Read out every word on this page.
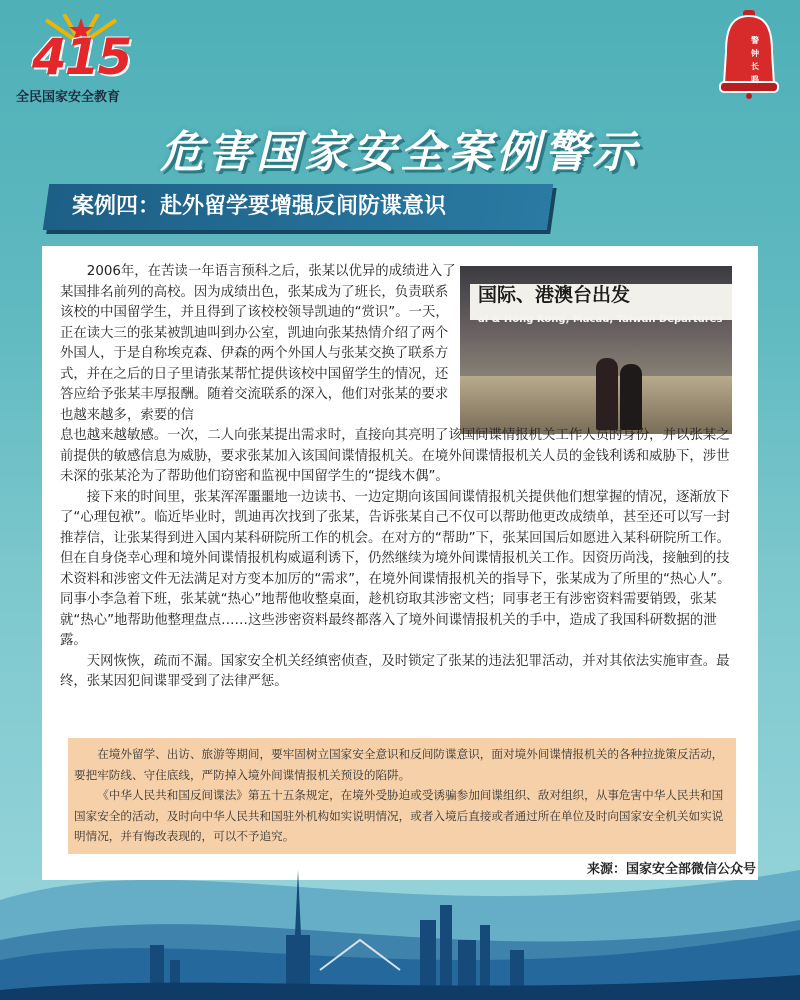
415
全民国家安全教育
警钟长鸣
危害国家安全案例警示
案例四：赴外留学要增强反间防谍意识
国际、港澳台出发
al & Hong Kong, Macau, Taiwan Departures

2006年，在苦读一年语言预科之后，张某以优异的成绩进入了某国排名前列的高校。因为成绩出色，张某成为了班长，负责联系该校的中国留学生，并且得到了该校校领导凯迪的“赏识”。一天，正在读大三的张某被凯迪叫到办公室，凯迪向张某热情介绍了两个外国人，于是自称埃克森、伊森的两个外国人与张某交换了联系方式，并在之后的日子里请张某帮忙提供该校中国留学生的情况，还答应给予张某丰厚报酬。随着交流联系的深入，他们对张某的要求也越来越多，索要的信

息也越来越敏感。一次，二人向张某提出需求时，直接向其亮明了该国间谍情报机关工作人员的身份，并以张某之前提供的敏感信息为威胁，要求张某加入该国间谍情报机关。在境外间谍情报机关人员的金钱利诱和威胁下，涉世未深的张某沦为了帮助他们窃密和监视中国留学生的“提线木偶”。

接下来的时间里，张某浑浑噩噩地一边读书、一边定期向该国间谍情报机关提供他们想掌握的情况，逐渐放下了“心理包袱”。临近毕业时，凯迪再次找到了张某，告诉张某自己不仅可以帮助他更改成绩单，甚至还可以写一封推荐信，让张某得到进入国内某科研院所工作的机会。在对方的“帮助”下，张某回国后如愿进入某科研院所工作。但在自身侥幸心理和境外间谍情报机构威逼利诱下，仍然继续为境外间谍情报机关工作。因资历尚浅，接触到的技术资料和涉密文件无法满足对方变本加厉的“需求”，在境外间谍情报机关的指导下，张某成为了所里的“热心人”。同事小李急着下班，张某就“热心”地帮他收整桌面，趁机窃取其涉密文档；同事老王有涉密资料需要销毁，张某就“热心”地帮助他整理盘点……这些涉密资料最终都落入了境外间谍情报机关的手中，造成了我国科研数据的泄露。

天网恢恢，疏而不漏。国家安全机关经缜密侦查，及时锁定了张某的违法犯罪活动，并对其依法实施审查。最终，张某因犯间谍罪受到了法律严惩。

在境外留学、出访、旅游等期间，要牢固树立国家安全意识和反间防谍意识，面对境外间谍情报机关的各种拉拢策反活动，要把牢防线、守住底线，严防掉入境外间谍情报机关预设的陷阱。

《中华人民共和国反间谍法》第五十五条规定，在境外受胁迫或受诱骗参加间谍组织、敌对组织，从事危害中华人民共和国国家安全的活动，及时向中华人民共和国驻外机构如实说明情况，或者入境后直接或者通过所在单位及时向国家安全机关如实说明情况，并有悔改表现的，可以不予追究。

来源：国家安全部微信公众号
